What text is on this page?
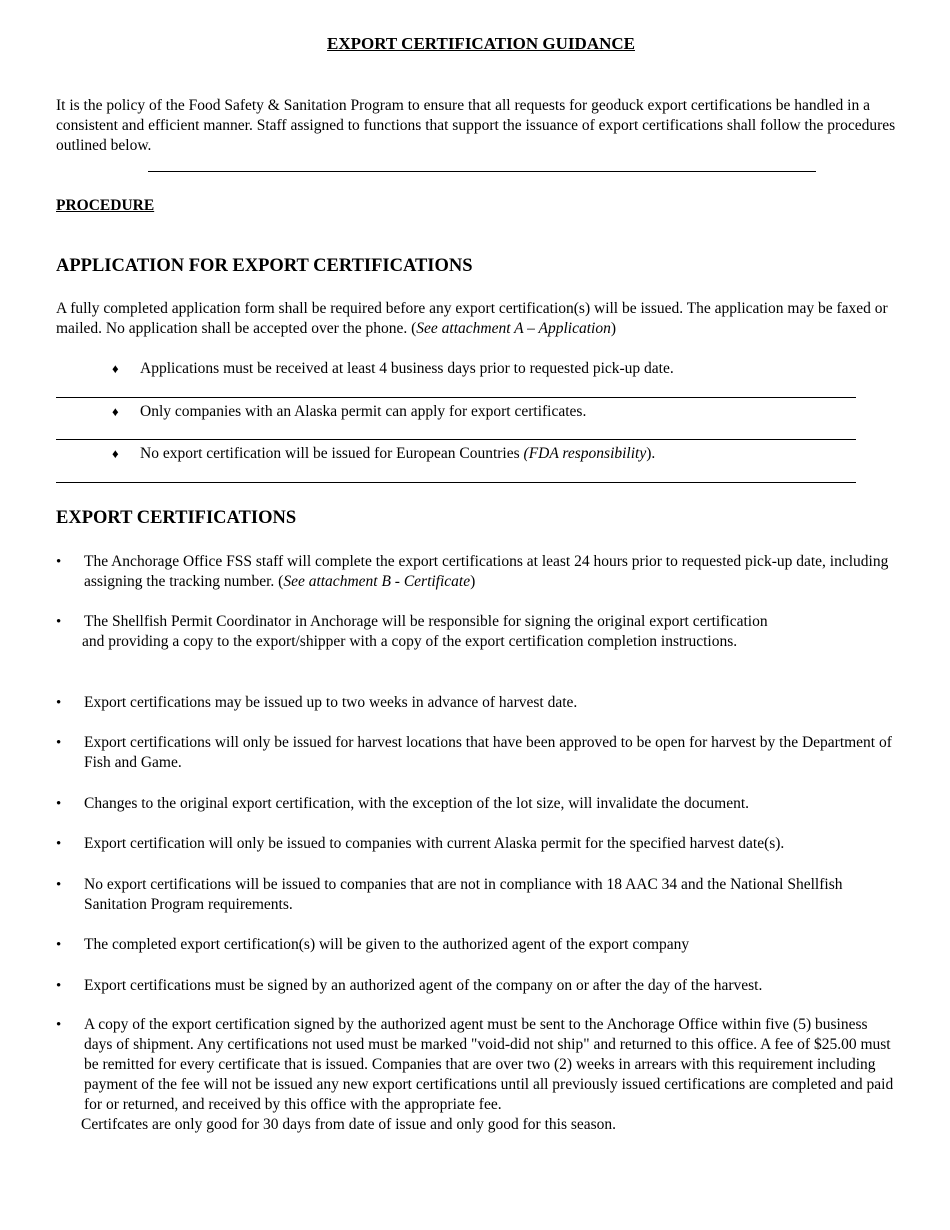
EXPORT CERTIFICATION GUIDANCE
It is the policy of the Food Safety & Sanitation Program to ensure that all requests for geoduck export certifications be handled in a consistent and efficient manner. Staff assigned to functions that support the issuance of export certifications shall follow the procedures outlined below.
PROCEDURE
APPLICATION FOR EXPORT CERTIFICATIONS
A fully completed application form shall be required before any export certification(s) will be issued. The application may be faxed or mailed. No application shall be accepted over the phone. (See attachment A – Application)
♦ Applications must be received at least 4 business days prior to requested pick-up date.
♦ Only companies with an Alaska permit can apply for export certificates.
♦ No export certification will be issued for European Countries (FDA responsibility).
EXPORT CERTIFICATIONS
• The Anchorage Office FSS staff will complete the export certifications at least 24 hours prior to requested pick-up date, including assigning the tracking number. (See attachment B - Certificate)
• The Shellfish Permit Coordinator in Anchorage will be responsible for signing the original export certification
and providing a copy to the export/shipper with a copy of the export certification completion instructions.
• Export certifications may be issued up to two weeks in advance of harvest date.
• Export certifications will only be issued for harvest locations that have been approved to be open for harvest by the Department of Fish and Game.
• Changes to the original export certification, with the exception of the lot size, will invalidate the document.
• Export certification will only be issued to companies with current Alaska permit for the specified harvest date(s).
• No export certifications will be issued to companies that are not in compliance with 18 AAC 34 and the National Shellfish Sanitation Program requirements.
• The completed export certification(s) will be given to the authorized agent of the export company
• Export certifications must be signed by an authorized agent of the company on or after the day of the harvest.
• A copy of the export certification signed by the authorized agent must be sent to the Anchorage Office within five (5) business days of shipment. Any certifications not used must be marked "void-did not ship" and returned to this office. A fee of $25.00 must be remitted for every certificate that is issued. Companies that are over two (2) weeks in arrears with this requirement including payment of the fee will not be issued any new export certifications until all previously issued certifications are completed and paid for or returned, and received by this office with the appropriate fee.
Certifcates are only good for 30 days from date of issue and only good for this season.
